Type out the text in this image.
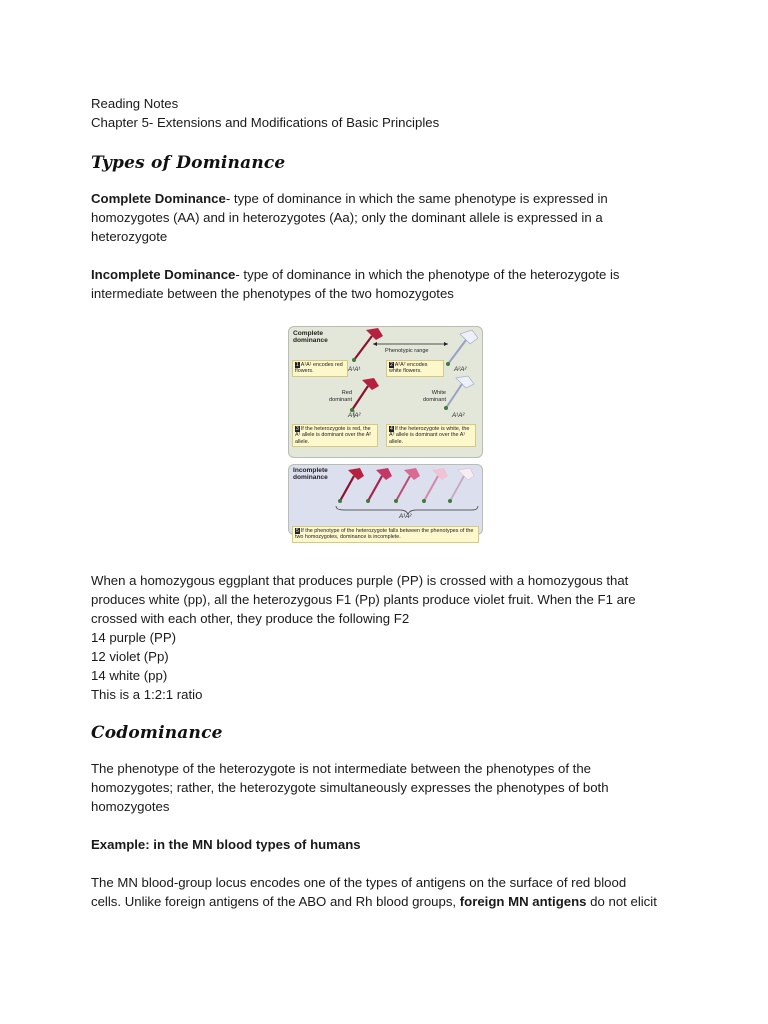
Reading Notes
Chapter 5- Extensions and Modifications of Basic Principles
Types of Dominance

Complete Dominance- type of dominance in which the same phenotype is expressed in
homozygotes (AA) and in heterozygotes (Aa); only the dominant allele is expressed in a
heterozygote

Incomplete Dominance- type of dominance in which the phenotype of the heterozygote is
intermediate between the phenotypes of the two homozygotes

Complete dominance
Phenotypic range
1 A¹A¹ encodes red flowers.	A¹A¹
2 A²A² encodes white flowers.	A²A²
Red dominant
White dominant
A¹A²	A¹A²
3 If the heterozygote is red, the A¹ allele is dominant over the A² allele.
4 If the heterozygote is white, the A² allele is dominant over the A¹ allele.
Incomplete dominance
A¹A²
5 If the phenotype of the heterozygote falls between the phenotypes of the two homozygotes, dominance is incomplete.

When a homozygous eggplant that produces purple (PP) is crossed with a homozygous that
produces white (pp), all the heterozygous F1 (Pp) plants produce violet fruit. When the F1 are
crossed with each other, they produce the following F2
14 purple (PP)
12 violet (Pp)
14 white (pp)
This is a 1:2:1 ratio

Codominance

The phenotype of the heterozygote is not intermediate between the phenotypes of the
homozygotes; rather, the heterozygote simultaneously expresses the phenotypes of both
homozygotes

Example: in the MN blood types of humans

The MN blood-group locus encodes one of the types of antigens on the surface of red blood
cells. Unlike foreign antigens of the ABO and Rh blood groups, foreign MN antigens do not elicit
